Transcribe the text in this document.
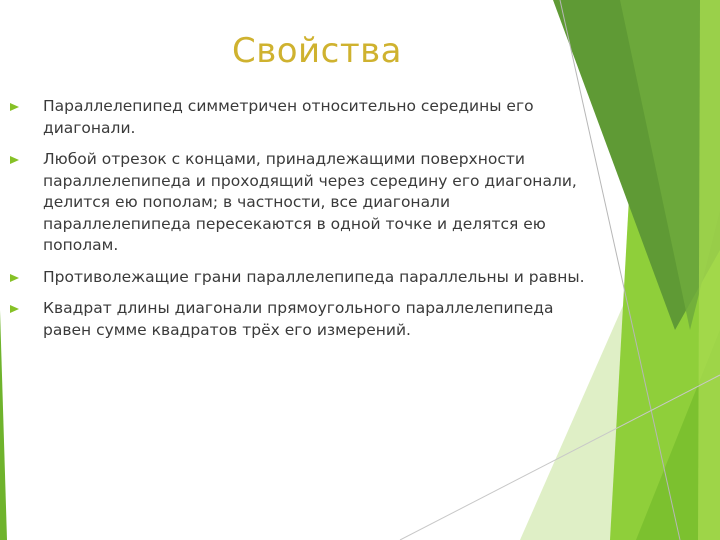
Свойства
Параллелепипед симметричен относительно середины его диагонали.
Любой отрезок с концами, принадлежащими поверхности параллелепипеда и проходящий через середину его диагонали, делится ею пополам; в частности, все диагонали параллелепипеда пересекаются в одной точке и делятся ею пополам.
Противолежащие грани параллелепипеда параллельны и равны.
Квадрат длины диагонали прямоугольного параллелепипеда равен сумме квадратов трёх его измерений.
